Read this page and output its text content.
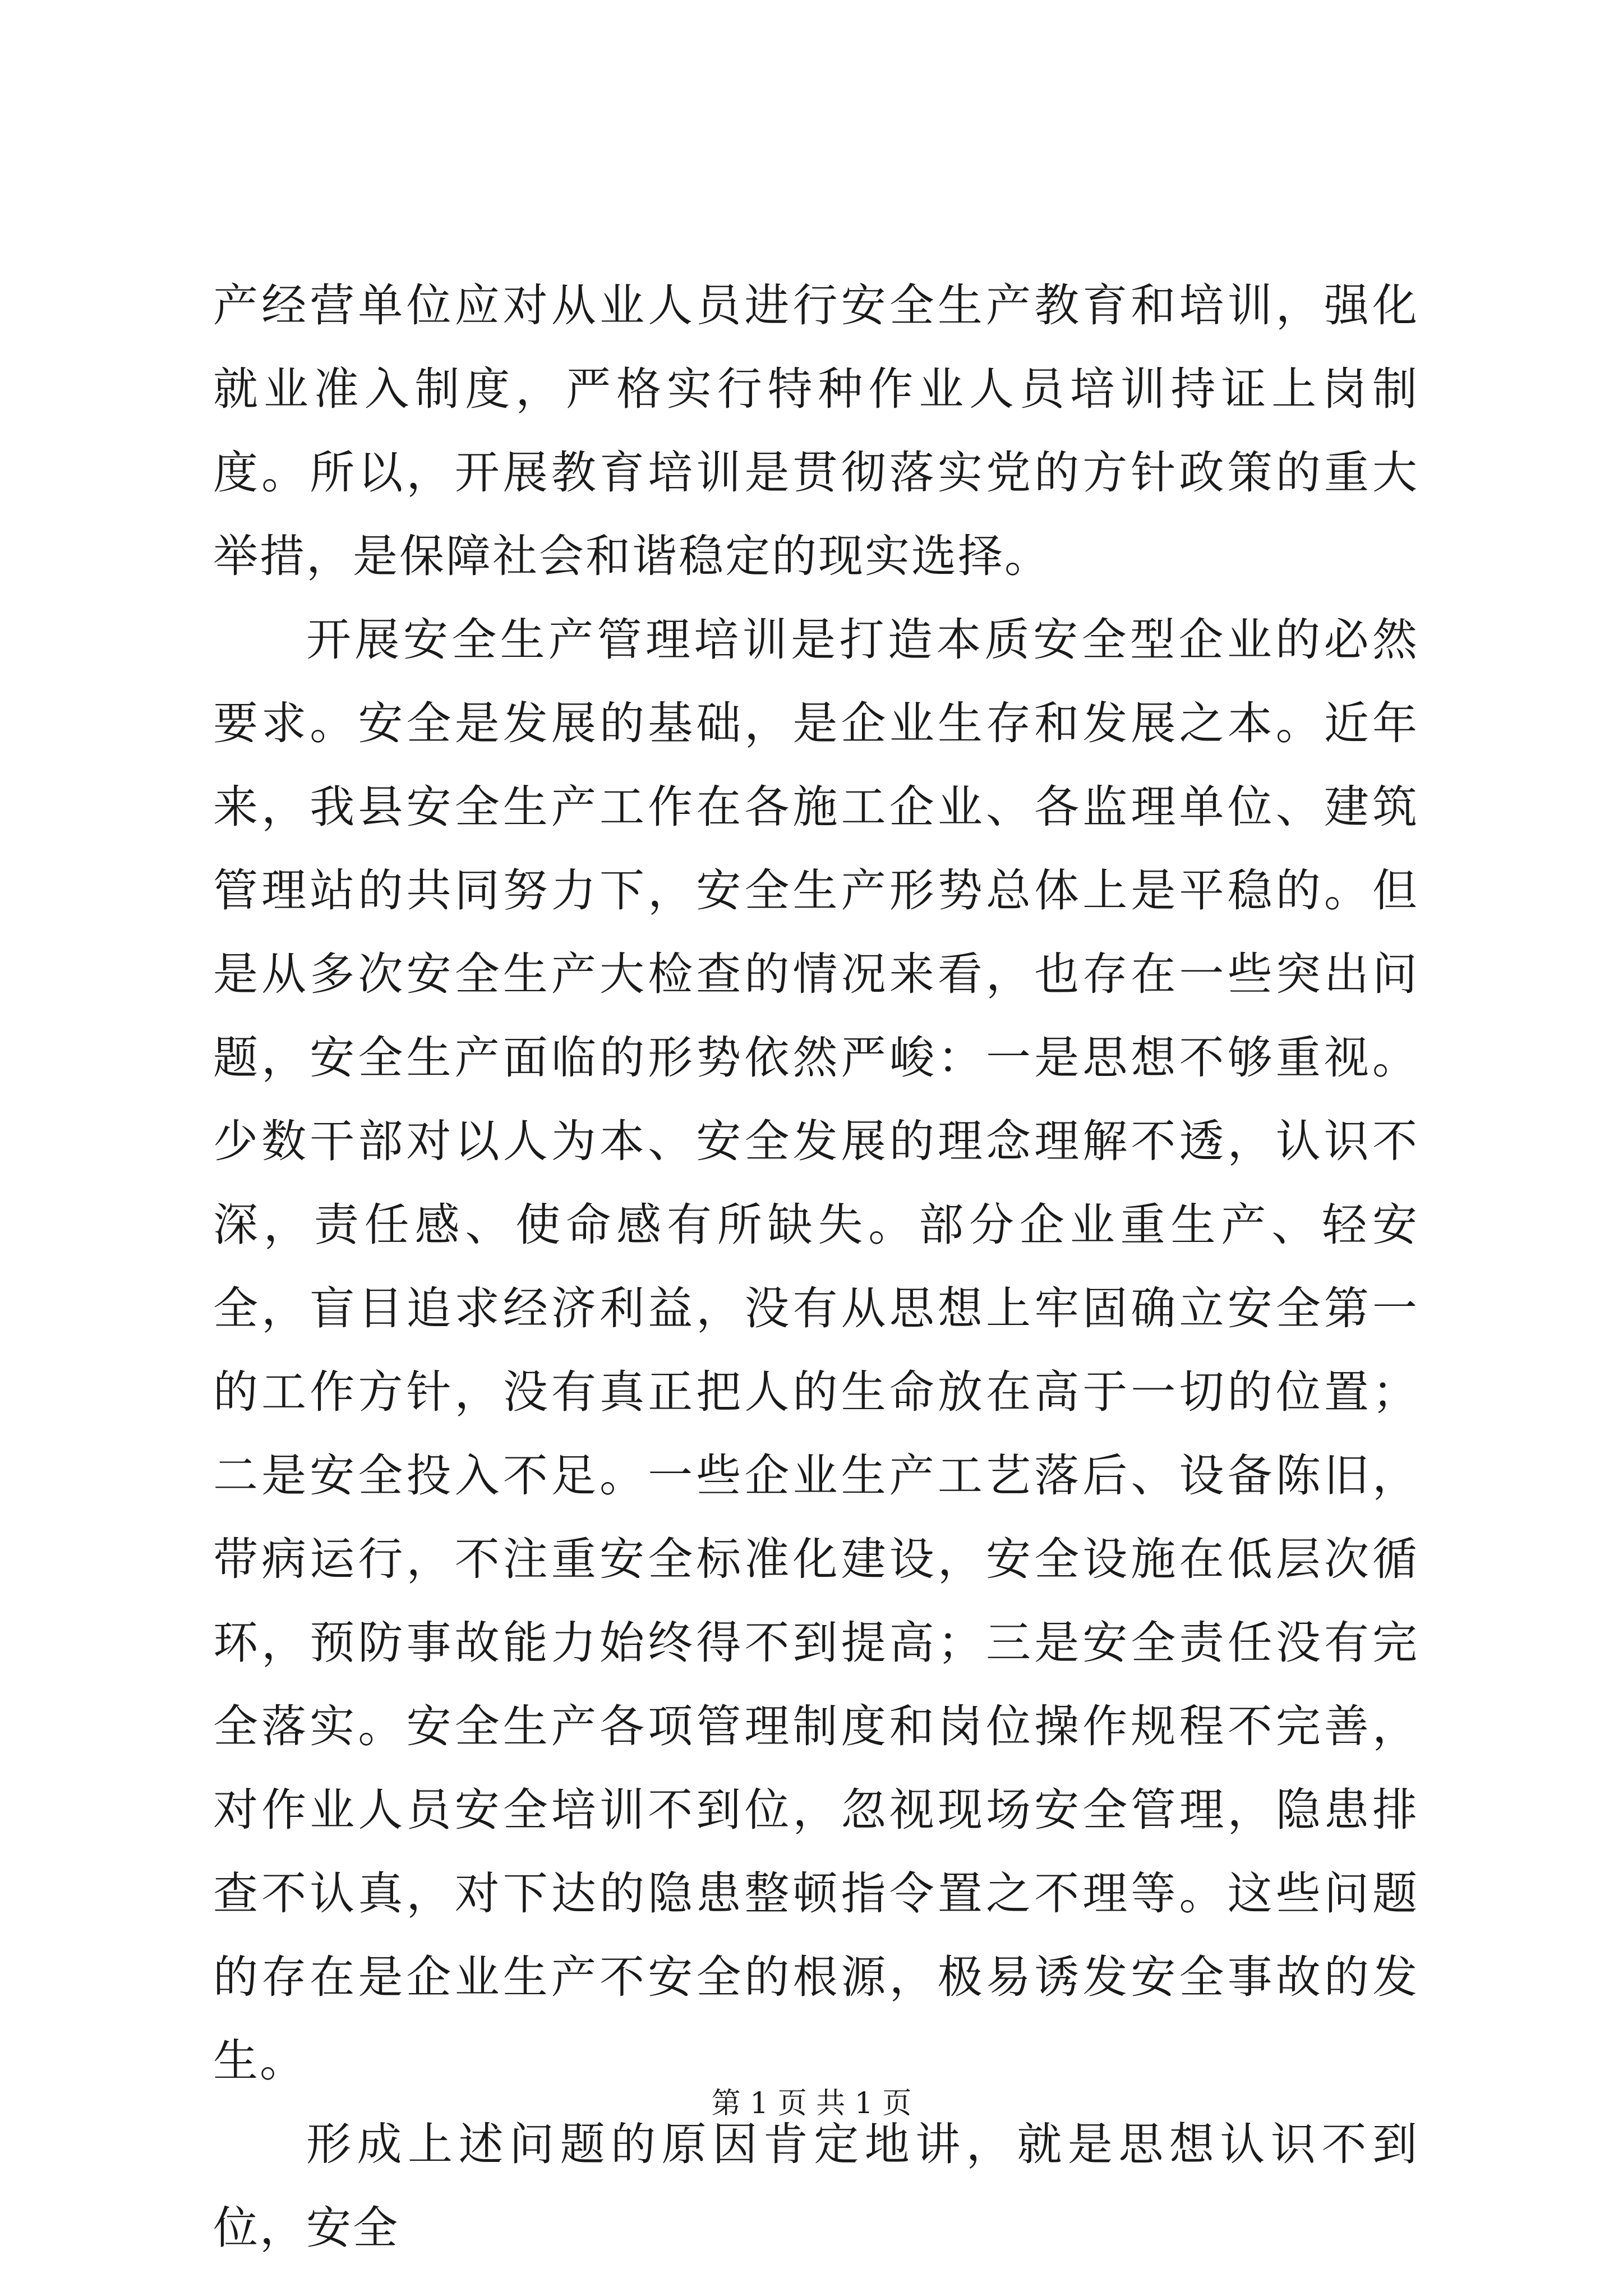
产经营单位应对从业人员进行安全生产教育和培训，强化就业准入制度，严格实行特种作业人员培训持证上岗制度。所以，开展教育培训是贯彻落实党的方针政策的重大举措，是保障社会和谐稳定的现实选择。

开展安全生产管理培训是打造本质安全型企业的必然要求。安全是发展的基础，是企业生存和发展之本。近年来，我县安全生产工作在各施工企业、各监理单位、建筑管理站的共同努力下，安全生产形势总体上是平稳的。但是从多次安全生产大检查的情况来看，也存在一些突出问题，安全生产面临的形势依然严峻：一是思想不够重视。少数干部对以人为本、安全发展的理念理解不透，认识不深，责任感、使命感有所缺失。部分企业重生产、轻安全，盲目追求经济利益，没有从思想上牢固确立安全第一的工作方针，没有真正把人的生命放在高于一切的位置；二是安全投入不足。一些企业生产工艺落后、设备陈旧，带病运行，不注重安全标准化建设，安全设施在低层次循环，预防事故能力始终得不到提高；三是安全责任没有完全落实。安全生产各项管理制度和岗位操作规程不完善，对作业人员安全培训不到位，忽视现场安全管理，隐患排查不认真，对下达的隐患整顿指令置之不理等。这些问题的存在是企业生产不安全的根源，极易诱发安全事故的发生。

形成上述问题的原因肯定地讲，就是思想认识不到位，安全

第 1 页 共 1 页
